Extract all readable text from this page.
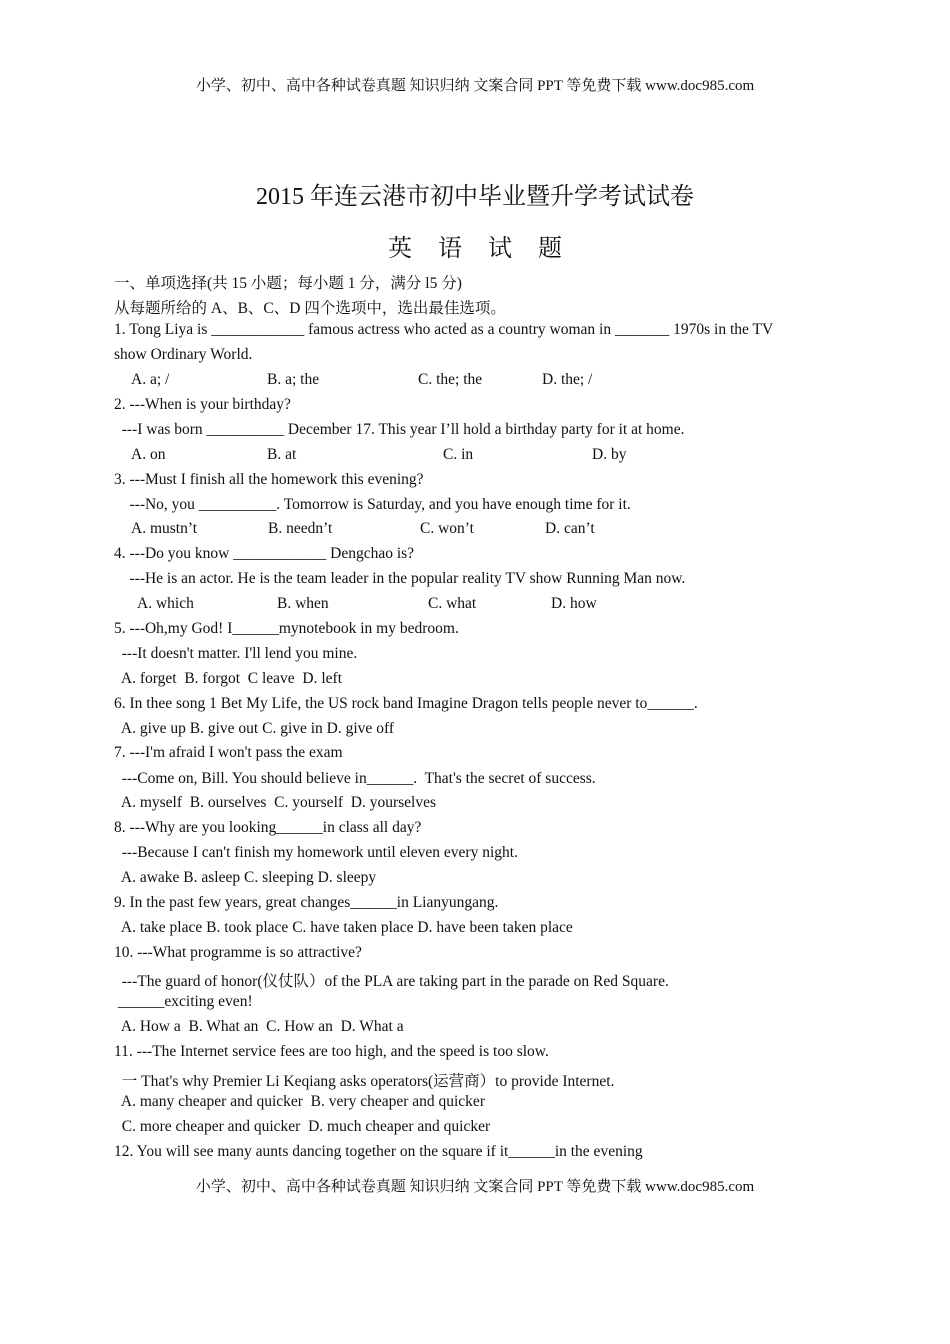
小学、初中、高中各种试卷真题 知识归纳 文案合同 PPT 等免费下载 www.doc985.com
2015 年连云港市初中毕业暨升学考试试卷
英语试题
一、单项选择(共 15 小题；每小题 1 分，满分 l5 分)
从每题所给的 A、B、C、D 四个选项中，选出最佳选项。
1. Tong Liya is ____________ famous actress who acted as a country woman in _______ 1970s in the TV
show Ordinary World.
A. a; /	B. a; the	C. the; the	D. the; /
2. ---When is your birthday?
---I was born __________ December 17. This year I’ll hold a birthday party for it at home.
A. on	B. at	C. in	D. by
3. ---Must I finish all the homework this evening?
---No, you __________. Tomorrow is Saturday, and you have enough time for it.
A. mustn’t	B. needn’t	C. won’t	D. can’t
4. ---Do you know ____________ Dengchao is?
---He is an actor. He is the team leader in the popular reality TV show Running Man now.
A. which	B. when	C. what	D. how
5. ---Oh,my God! I______mynotebook in my bedroom.
---It doesn't matter. I'll lend you mine.
A. forget  B. forgot  C leave  D. left
6. In thee song 1 Bet My Life, the US rock band Imagine Dragon tells people never to______.
A. give up B. give out C. give in D. give off
7. ---I'm afraid I won't pass the exam
---Come on, Bill. You should believe in______.  That's the secret of success.
A. myself  B. ourselves  C. yourself  D. yourselves
8. ---Why are you looking______in class all day?
---Because I can't finish my homework until eleven every night.
A. awake B. asleep C. sleeping D. sleepy
9. In the past few years, great changes______in Lianyungang.
A. take place B. took place C. have taken place D. have been taken place
10. ---What programme is so attractive?
---The guard of honor(仪仗队）of the PLA are taking part in the parade on Red Square.
______exciting even!
A. How a  B. What an  C. How an  D. What a
11. ---The Internet service fees are too high, and the speed is too slow.
一 That's why Premier Li Keqiang asks operators(运营商）to provide Internet.
A. many cheaper and quicker  B. very cheaper and quicker
C. more cheaper and quicker  D. much cheaper and quicker
12. You will see many aunts dancing together on the square if it______in the evening
小学、初中、高中各种试卷真题 知识归纳 文案合同 PPT 等免费下载 www.doc985.com
